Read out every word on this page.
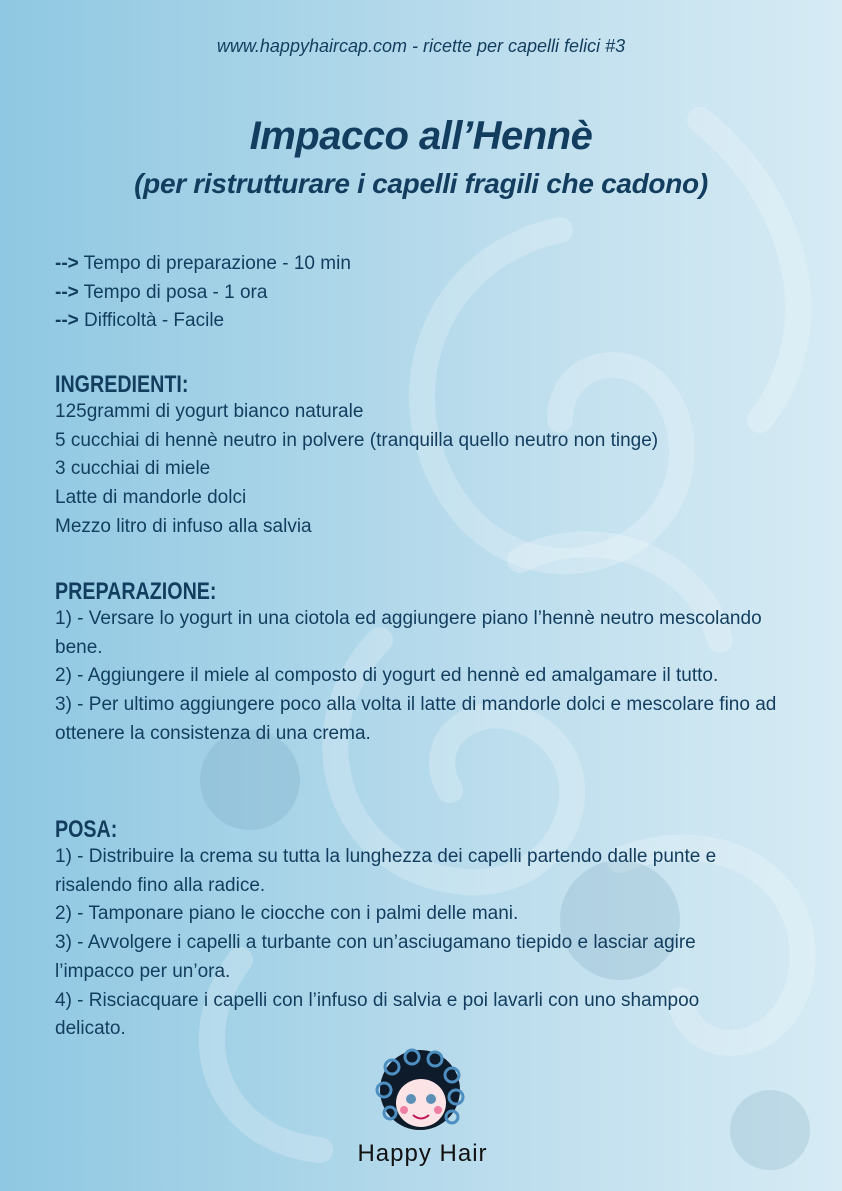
www.happyhaircap.com - ricette per capelli felici #3
Impacco all’Hennè
(per ristrutturare i capelli fragili che cadono)
--> Tempo di preparazione - 10 min
--> Tempo di posa - 1 ora
--> Difficoltà - Facile
INGREDIENTI:
125grammi di yogurt bianco naturale
5 cucchiai di hennè neutro in polvere (tranquilla quello neutro non tinge)
3 cucchiai di miele
Latte di mandorle dolci
Mezzo litro di infuso alla salvia
PREPARAZIONE:
1) - Versare lo yogurt in una ciotola ed aggiungere piano l’hennè neutro mescolando bene.
2) - Aggiungere il miele al composto di yogurt ed hennè ed amalgamare il tutto.
3) - Per ultimo aggiungere poco alla volta il latte di mandorle dolci e mescolare fino ad ottenere la consistenza di una crema.
POSA:
1) - Distribuire la crema su tutta la lunghezza dei capelli partendo dalle punte e risalendo fino alla radice.
2) - Tamponare piano le ciocche con i palmi delle mani.
3) - Avvolgere i capelli a turbante con un’asciugamano tiepido e lasciar agire l’impacco per un’ora.
4) - Risciacquare i capelli con l’infuso di salvia e poi lavarli con uno shampoo delicato.
Happy Hair
